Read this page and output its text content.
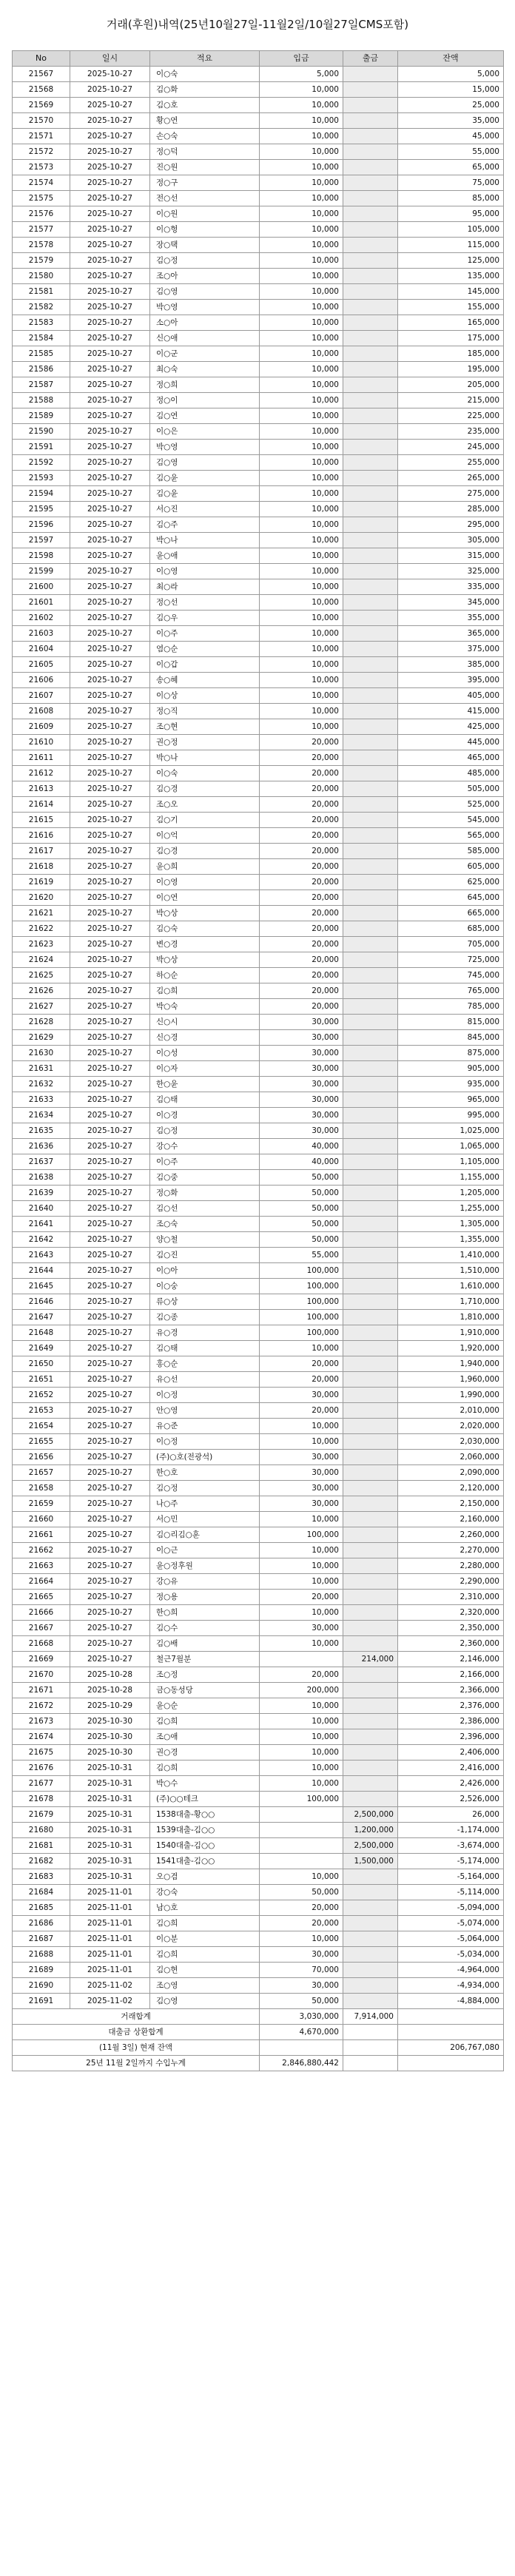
거래(후원)내역(25년10월27일-11월2일/10월27일CMS포함)
No	일시	적요	입금	출금	잔액
21567	2025-10-27	이○숙	5,000		5,000
21568	2025-10-27	김○화	10,000		15,000
21569	2025-10-27	김○호	10,000		25,000
21570	2025-10-27	황○연	10,000		35,000
21571	2025-10-27	손○숙	10,000		45,000
21572	2025-10-27	정○덕	10,000		55,000
21573	2025-10-27	진○원	10,000		65,000
21574	2025-10-27	정○구	10,000		75,000
21575	2025-10-27	전○선	10,000		85,000
21576	2025-10-27	이○원	10,000		95,000
21577	2025-10-27	이○형	10,000		105,000
21578	2025-10-27	장○택	10,000		115,000
21579	2025-10-27	김○정	10,000		125,000
21580	2025-10-27	조○아	10,000		135,000
21581	2025-10-27	김○영	10,000		145,000
21582	2025-10-27	박○영	10,000		155,000
21583	2025-10-27	소○아	10,000		165,000
21584	2025-10-27	신○애	10,000		175,000
21585	2025-10-27	이○군	10,000		185,000
21586	2025-10-27	최○숙	10,000		195,000
21587	2025-10-27	정○희	10,000		205,000
21588	2025-10-27	정○이	10,000		215,000
21589	2025-10-27	김○연	10,000		225,000
21590	2025-10-27	이○은	10,000		235,000
21591	2025-10-27	박○영	10,000		245,000
21592	2025-10-27	김○영	10,000		255,000
21593	2025-10-27	김○윤	10,000		265,000
21594	2025-10-27	김○윤	10,000		275,000
21595	2025-10-27	서○진	10,000		285,000
21596	2025-10-27	김○주	10,000		295,000
21597	2025-10-27	박○나	10,000		305,000
21598	2025-10-27	윤○애	10,000		315,000
21599	2025-10-27	이○영	10,000		325,000
21600	2025-10-27	최○라	10,000		335,000
21601	2025-10-27	정○선	10,000		345,000
21602	2025-10-27	김○우	10,000		355,000
21603	2025-10-27	이○주	10,000		365,000
21604	2025-10-27	염○순	10,000		375,000
21605	2025-10-27	이○갑	10,000		385,000
21606	2025-10-27	송○혜	10,000		395,000
21607	2025-10-27	이○상	10,000		405,000
21608	2025-10-27	정○직	10,000		415,000
21609	2025-10-27	조○현	10,000		425,000
21610	2025-10-27	권○정	20,000		445,000
21611	2025-10-27	박○나	20,000		465,000
21612	2025-10-27	이○숙	20,000		485,000
21613	2025-10-27	김○경	20,000		505,000
21614	2025-10-27	조○오	20,000		525,000
21615	2025-10-27	김○기	20,000		545,000
21616	2025-10-27	이○억	20,000		565,000
21617	2025-10-27	김○경	20,000		585,000
21618	2025-10-27	윤○희	20,000		605,000
21619	2025-10-27	이○영	20,000		625,000
21620	2025-10-27	이○연	20,000		645,000
21621	2025-10-27	박○상	20,000		665,000
21622	2025-10-27	김○숙	20,000		685,000
21623	2025-10-27	변○경	20,000		705,000
21624	2025-10-27	박○상	20,000		725,000
21625	2025-10-27	하○순	20,000		745,000
21626	2025-10-27	김○희	20,000		765,000
21627	2025-10-27	박○숙	20,000		785,000
21628	2025-10-27	신○시	30,000		815,000
21629	2025-10-27	신○경	30,000		845,000
21630	2025-10-27	이○성	30,000		875,000
21631	2025-10-27	이○자	30,000		905,000
21632	2025-10-27	한○윤	30,000		935,000
21633	2025-10-27	김○태	30,000		965,000
21634	2025-10-27	이○경	30,000		995,000
21635	2025-10-27	김○정	30,000		1,025,000
21636	2025-10-27	강○수	40,000		1,065,000
21637	2025-10-27	이○주	40,000		1,105,000
21638	2025-10-27	김○중	50,000		1,155,000
21639	2025-10-27	정○화	50,000		1,205,000
21640	2025-10-27	김○선	50,000		1,255,000
21641	2025-10-27	조○숙	50,000		1,305,000
21642	2025-10-27	양○철	50,000		1,355,000
21643	2025-10-27	김○진	55,000		1,410,000
21644	2025-10-27	이○아	100,000		1,510,000
21645	2025-10-27	이○숭	100,000		1,610,000
21646	2025-10-27	류○상	100,000		1,710,000
21647	2025-10-27	김○종	100,000		1,810,000
21648	2025-10-27	유○경	100,000		1,910,000
21649	2025-10-27	김○태	10,000		1,920,000
21650	2025-10-27	홍○순	20,000		1,940,000
21651	2025-10-27	유○선	20,000		1,960,000
21652	2025-10-27	이○정	30,000		1,990,000
21653	2025-10-27	안○영	20,000		2,010,000
21654	2025-10-27	유○준	10,000		2,020,000
21655	2025-10-27	이○정	10,000		2,030,000
21656	2025-10-27	(주)○호(전광석)	30,000		2,060,000
21657	2025-10-27	한○호	30,000		2,090,000
21658	2025-10-27	김○정	30,000		2,120,000
21659	2025-10-27	나○주	30,000		2,150,000
21660	2025-10-27	서○민	10,000		2,160,000
21661	2025-10-27	김○리김○훈	100,000		2,260,000
21662	2025-10-27	이○근	10,000		2,270,000
21663	2025-10-27	윤○정후원	10,000		2,280,000
21664	2025-10-27	강○유	10,000		2,290,000
21665	2025-10-27	정○용	20,000		2,310,000
21666	2025-10-27	한○희	10,000		2,320,000
21667	2025-10-27	김○수	30,000		2,350,000
21668	2025-10-27	김○배	10,000		2,360,000
21669	2025-10-27	철근7월분		214,000	2,146,000
21670	2025-10-28	조○정	20,000		2,166,000
21671	2025-10-28	금○동성당	200,000		2,366,000
21672	2025-10-29	윤○순	10,000		2,376,000
21673	2025-10-30	김○희	10,000		2,386,000
21674	2025-10-30	조○애	10,000		2,396,000
21675	2025-10-30	권○경	10,000		2,406,000
21676	2025-10-31	김○희	10,000		2,416,000
21677	2025-10-31	박○수	10,000		2,426,000
21678	2025-10-31	(주)○○테크	100,000		2,526,000
21679	2025-10-31	1538대출-황○○		2,500,000	26,000
21680	2025-10-31	1539대출-김○○		1,200,000	-1,174,000
21681	2025-10-31	1540대출-김○○		2,500,000	-3,674,000
21682	2025-10-31	1541대출-김○○		1,500,000	-5,174,000
21683	2025-10-31	오○겸	10,000		-5,164,000
21684	2025-11-01	강○숙	50,000		-5,114,000
21685	2025-11-01	남○호	20,000		-5,094,000
21686	2025-11-01	김○희	20,000		-5,074,000
21687	2025-11-01	이○분	10,000		-5,064,000
21688	2025-11-01	김○희	30,000		-5,034,000
21689	2025-11-01	김○현	70,000		-4,964,000
21690	2025-11-02	조○영	30,000		-4,934,000
21691	2025-11-02	김○영	50,000		-4,884,000
거래합계			3,030,000	7,914,000	
대출금 상환합계			4,670,000		
(11월 3일) 현재 잔액					206,767,080
25년 11월 2일까지 수입누계			2,846,880,442		
